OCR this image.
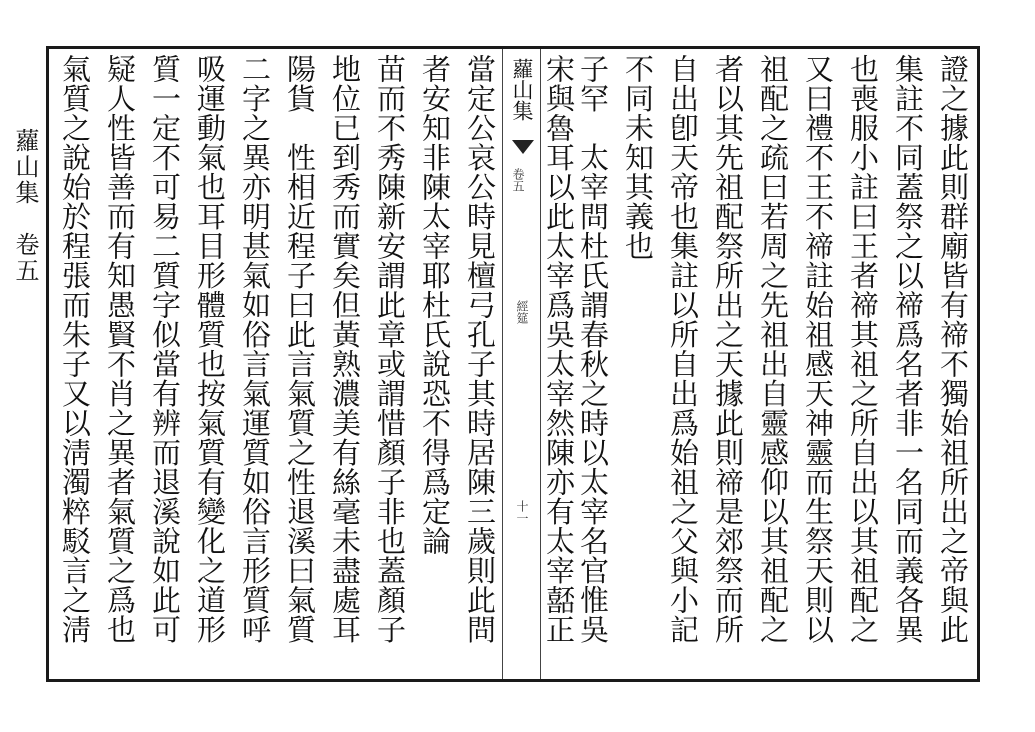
蘿山集　卷五	證之據此則群廟皆有禘不獨始祖所出之帝與此
集註不同蓋祭之以禘爲名者非一名同而義各異
也喪服小註曰王者禘其祖之所自出以其祖配之
又曰禮不王不禘註始祖感天神靈而生祭天則以
祖配之疏曰若周之先祖出自靈感仰以其祖配之
者以其先祖配祭所出之天據此則禘是郊祭而所
自出卽天帝也集註以所自出爲始祖之父與小記
不同未知其義也
子罕　太宰問杜氏謂春秋之時以太宰名官惟吳
宋與魯耳以此太宰爲吳太宰然陳亦有太宰嚭正
蘿山集
卷五
經筵
十一
當定公哀公時見檀弓孔子其時居陳三歲則此問
者安知非陳太宰耶杜氏說恐不得爲定論
苗而不秀陳新安謂此章或謂惜顏子非也蓋顏子
地位已到秀而實矣但黃熟濃美有絲毫未盡處耳
陽貨　性相近程子曰此言氣質之性退溪曰氣質
二字之異亦明甚氣如俗言氣運質如俗言形質呼
吸運動氣也耳目形體質也按氣質有變化之道形
質一定不可易二質字似當有辨而退溪說如此可
疑人性皆善而有知愚賢不肖之異者氣質之爲也
氣質之說始於程張而朱子又以淸濁粹駁言之淸
